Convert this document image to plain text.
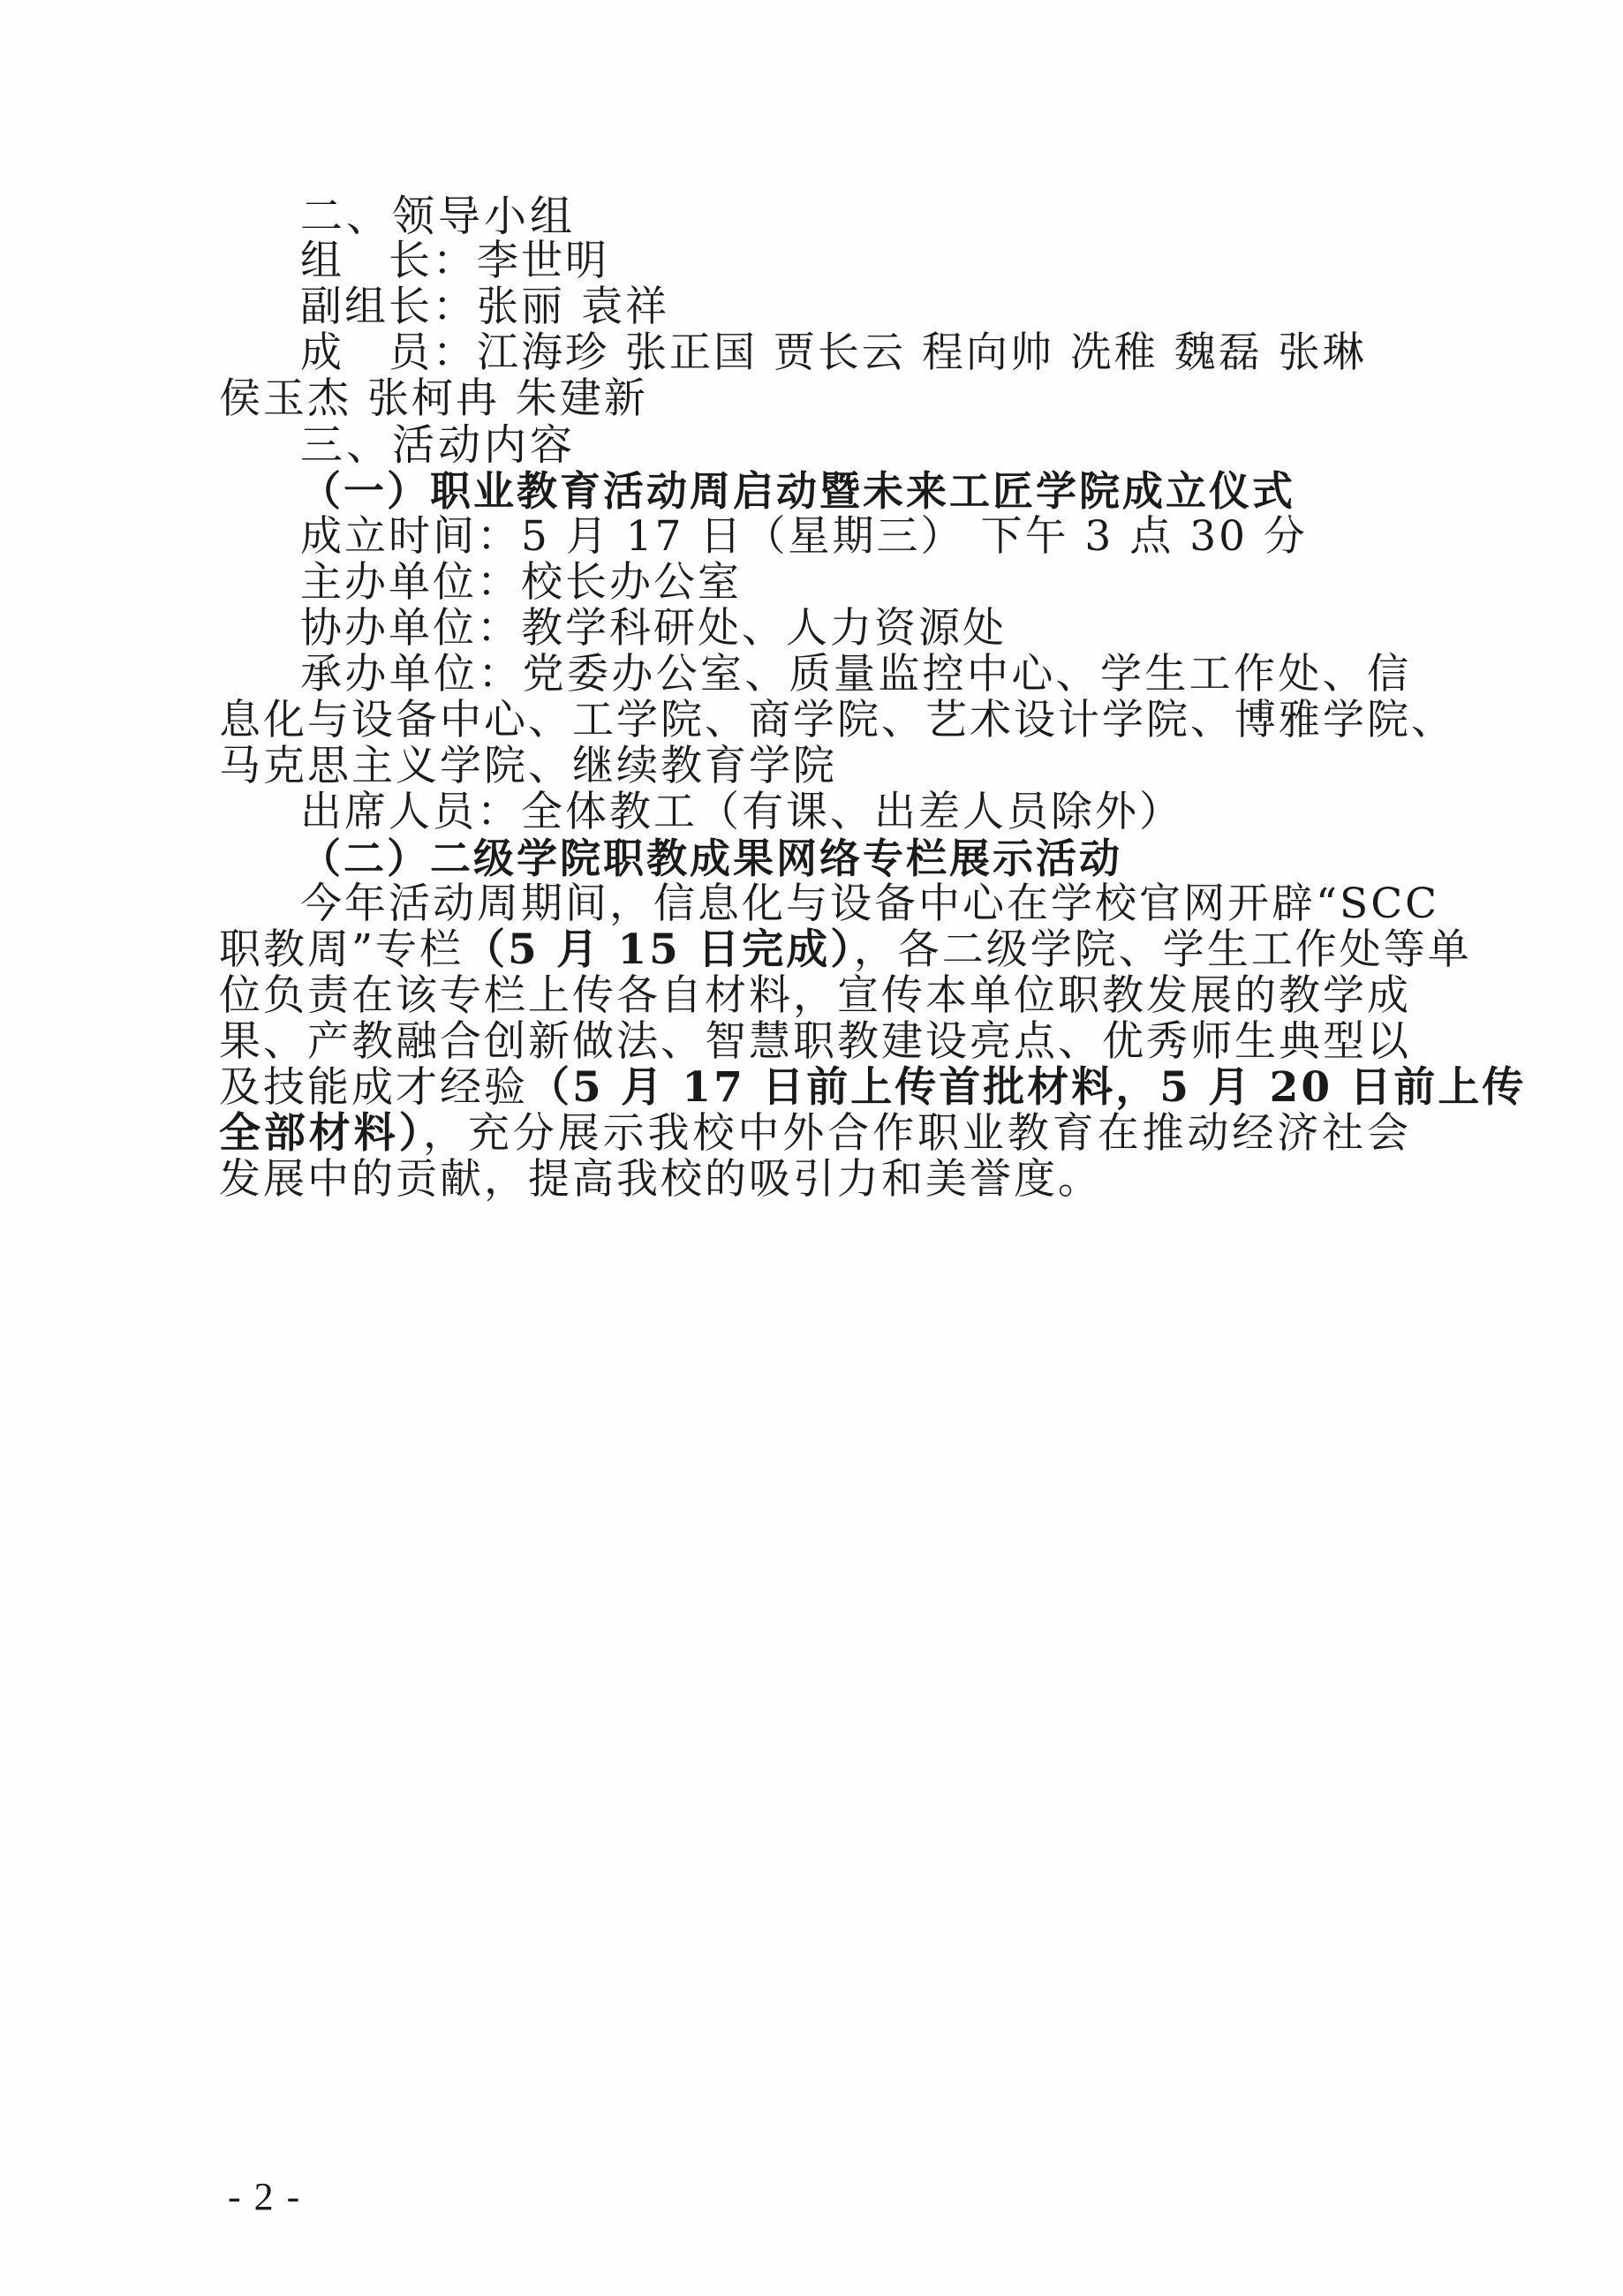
二、领导小组
组　长：李世明
副组长：张丽 袁祥
成　员：江海珍 张正国 贾长云 程向帅 冼稚 魏磊 张琳
侯玉杰 张柯冉 朱建新
三、活动内容
（一）职业教育活动周启动暨未来工匠学院成立仪式
成立时间：5 月 17 日（星期三） 下午 3 点 30 分
主办单位：校长办公室
协办单位：教学科研处、人力资源处
承办单位：党委办公室、质量监控中心、学生工作处、信
息化与设备中心、工学院、商学院、艺术设计学院、博雅学院、
马克思主义学院、继续教育学院
出席人员：全体教工（有课、出差人员除外）
（二）二级学院职教成果网络专栏展示活动
今年活动周期间，信息化与设备中心在学校官网开辟“SCC
职教周”专栏（5 月 15 日完成），各二级学院、学生工作处等单
位负责在该专栏上传各自材料，宣传本单位职教发展的教学成
果、产教融合创新做法、智慧职教建设亮点、优秀师生典型以
及技能成才经验（5 月 17 日前上传首批材料，5 月 20 日前上传
全部材料），充分展示我校中外合作职业教育在推动经济社会
发展中的贡献，提高我校的吸引力和美誉度。
- 2 -
